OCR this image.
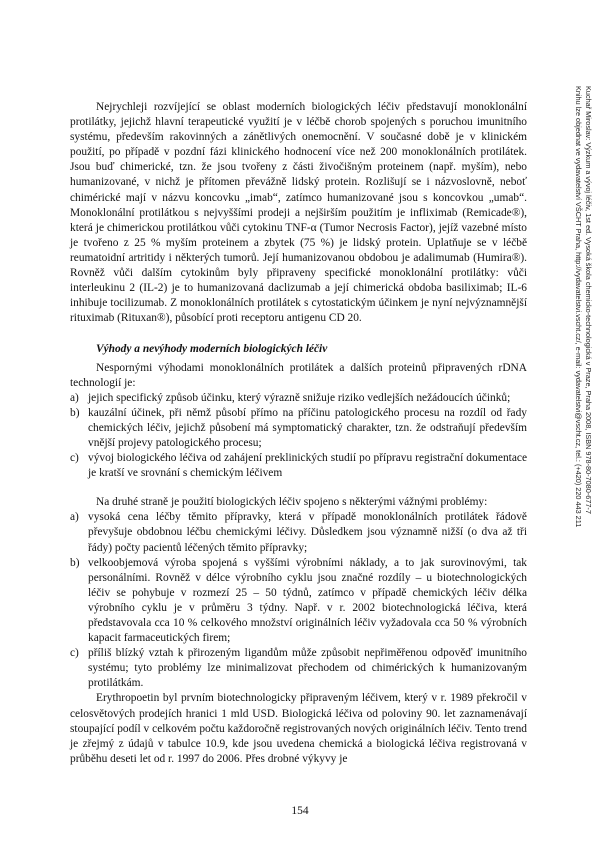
Nejrychleji rozvíjející se oblast moderních biologických léčiv představují monoklonální protilátky, jejichž hlavní terapeutické využití je v léčbě chorob spojených s poruchou imunitního systému, především rakovinných a zánětlivých onemocnění. V současné době je v klinickém použití, po případě v pozdní fázi klinického hodnocení více než 200 monoklonálních protilátek. Jsou buď chimerické, tzn. že jsou tvořeny z části živočišným proteinem (např. myším), nebo humanizované, v nichž je přítomen převážně lidský protein. Rozlišují se i názvoslovně, neboť chimérické mají v názvu koncovku „imab“, zatímco humanizované jsou s koncovkou „umab“. Monoklonální protilátkou s nejvyššími prodeji a nejširším použitím je infliximab (Remicade®), která je chimerickou protilátkou vůči cytokinu TNF-α (Tumor Necrosis Factor), jejíž vazebné místo je tvořeno z 25 % myším proteinem a zbytek (75 %) je lidský protein. Uplatňuje se v léčbě reumatoidní artritidy i některých tumorů. Její humanizovanou obdobou je adalimumab (Humira®). Rovněž vůči dalším cytokinům byly připraveny specifické monoklonální protilátky: vůči interleukinu 2 (IL-2) je to humanizovaná daclizumab a její chimerická obdoba basiliximab; IL-6 inhibuje tocilizumab. Z monoklonálních protilátek s cytostatickým účinkem je nyní nejvýznamnější rituximab (Rituxan®), působící proti receptoru antigenu CD 20.

Výhody a nevýhody moderních biologických léčiv

Nespornými výhodami monoklonálních protilátek a dalších proteinů připravených rDNA technologií je:

a) jejich specifický způsob účinku, který výrazně snižuje riziko vedlejších nežádoucích účinků;
b) kauzální účinek, při němž působí přímo na příčinu patologického procesu na rozdíl od řady chemických léčiv, jejichž působení má symptomatický charakter, tzn. že odstraňují především vnější projevy patologického procesu;
c) vývoj biologického léčiva od zahájení preklinických studií po přípravu registrační dokumentace je kratší ve srovnání s chemickým léčivem

Na druhé straně je použití biologických léčiv spojeno s některými vážnými problémy:

a) vysoká cena léčby těmito přípravky, která v případě monoklonálních protilátek řádově převyšuje obdobnou léčbu chemickými léčivy. Důsledkem jsou významně nižší (o dva až tři řády) počty pacientů léčených těmito přípravky;
b) velkoobjemová výroba spojená s vyššími výrobními náklady, a to jak surovinovými, tak personálními. Rovněž v délce výrobního cyklu jsou značné rozdíly – u biotechnologických léčiv se pohybuje v rozmezí 25 – 50 týdnů, zatímco v případě chemických léčiv délka výrobního cyklu je v průměru 3 týdny. Např. v r. 2002 biotechnologická léčiva, která představovala cca 10 % celkového množství originálních léčiv vyžadovala cca 50 % výrobních kapacit farmaceutických firem;
c) příliš blízký vztah k přirozeným ligandům může způsobit nepřiměřenou odpověď imunitního systému; tyto problémy lze minimalizovat přechodem od chimérických k humanizovaným protilátkám.

Erythropoetin byl prvním biotechnologicky připraveným léčivem, který v r. 1989 překročil v celosvětových prodejích hranici 1 mld USD. Biologická léčiva od poloviny 90. let zaznamenávají stoupající podíl v celkovém počtu každoročně registrovaných nových originálních léčiv. Tento trend je zřejmý z údajů v tabulce 10.9, kde jsou uvedena chemická a biologická léčiva registrovaná v průběhu deseti let od r. 1997 do 2006. Přes drobné výkyvy je

154
Kuchař Miroslav: Výzkum a vývoj léčiv, 1st ed. Vysoká škola chemicko-technologická v Praze, Praha 2008, ISBN 978-80-7080-677-7
Knihu lze objednat ve vydavatelství VŠCHT Praha, http://vydavatelstvi.vscht.cz/, e-mail: vydavatelstvi@vscht.cz, tel.: (+420) 220 443 211
